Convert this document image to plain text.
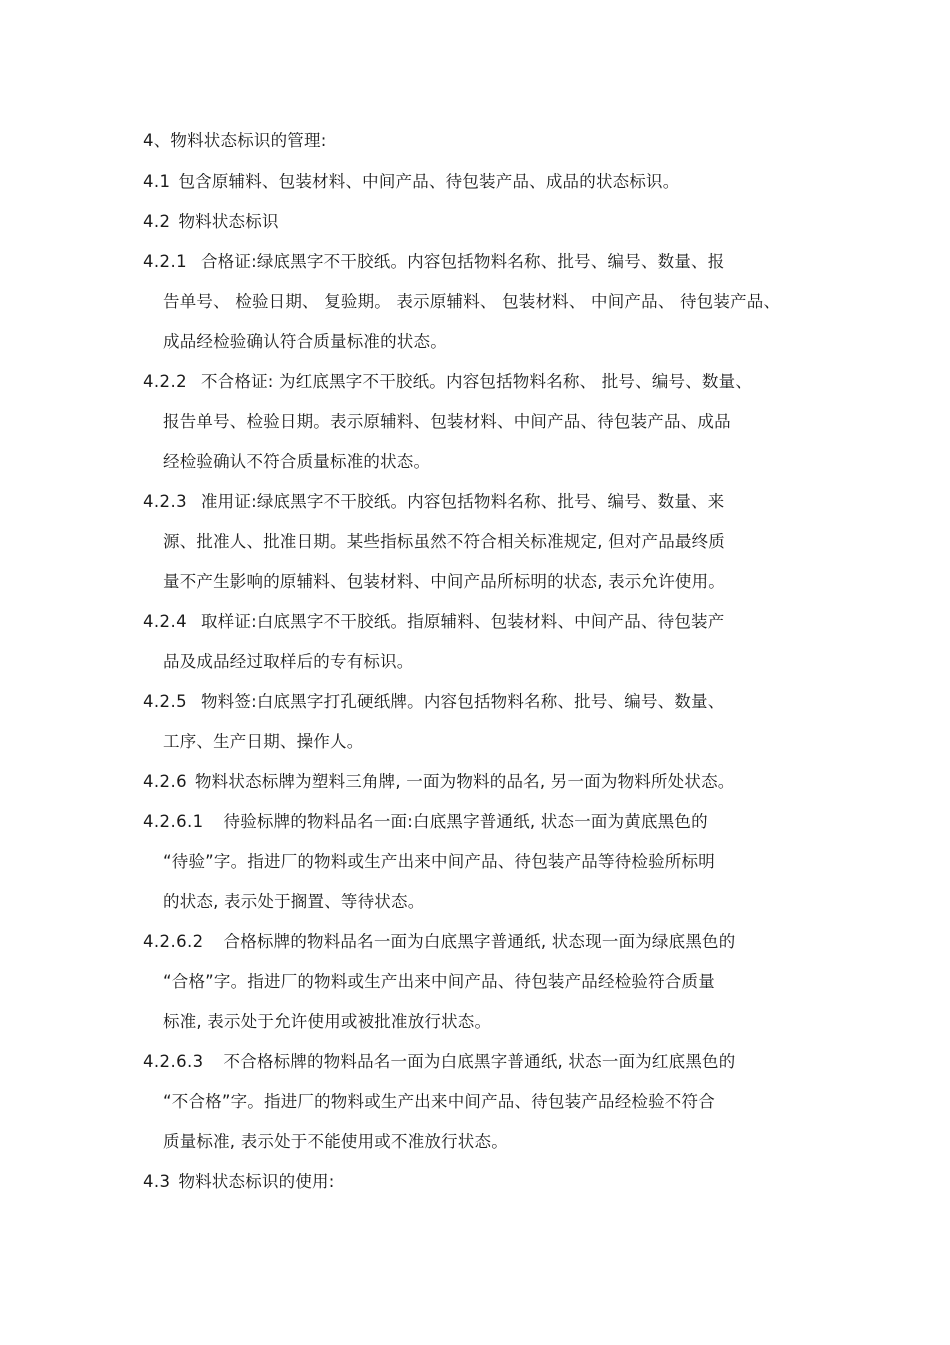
4、物料状态标识的管理:
4.1 包含原辅料、包装材料、中间产品、待包装产品、成品的状态标识。
4.2 物料状态标识
4.2.1 合格证:绿底黑字不干胶纸。内容包括物料名称、批号、编号、数量、报
告单号、 检验日期、 复验期。 表示原辅料、 包装材料、 中间产品、 待包装产品、
成品经检验确认符合质量标准的状态。
4.2.2 不合格证: 为红底黑字不干胶纸。内容包括物料名称、 批号、编号、数量、
报告单号、检验日期。表示原辅料、包装材料、中间产品、待包装产品、成品
经检验确认不符合质量标准的状态。
4.2.3 准用证:绿底黑字不干胶纸。内容包括物料名称、批号、编号、数量、来
源、批准人、批准日期。某些指标虽然不符合相关标准规定, 但对产品最终质
量不产生影响的原辅料、包装材料、中间产品所标明的状态, 表示允许使用。
4.2.4 取样证:白底黑字不干胶纸。指原辅料、包装材料、中间产品、待包装产
品及成品经过取样后的专有标识。
4.2.5 物料签:白底黑字打孔硬纸牌。内容包括物料名称、批号、编号、数量、
工序、生产日期、操作人。
4.2.6 物料状态标牌为塑料三角牌, 一面为物料的品名, 另一面为物料所处状态。
4.2.6.1 待验标牌的物料品名一面:白底黑字普通纸, 状态一面为黄底黑色的
“待验”字。指进厂的物料或生产出来中间产品、待包装产品等待检验所标明
的状态, 表示处于搁置、等待状态。
4.2.6.2 合格标牌的物料品名一面为白底黑字普通纸, 状态现一面为绿底黑色的
“合格”字。指进厂的物料或生产出来中间产品、待包装产品经检验符合质量
标准, 表示处于允许使用或被批准放行状态。
4.2.6.3 不合格标牌的物料品名一面为白底黑字普通纸, 状态一面为红底黑色的
“不合格”字。指进厂的物料或生产出来中间产品、待包装产品经检验不符合
质量标准, 表示处于不能使用或不准放行状态。
4.3 物料状态标识的使用:
